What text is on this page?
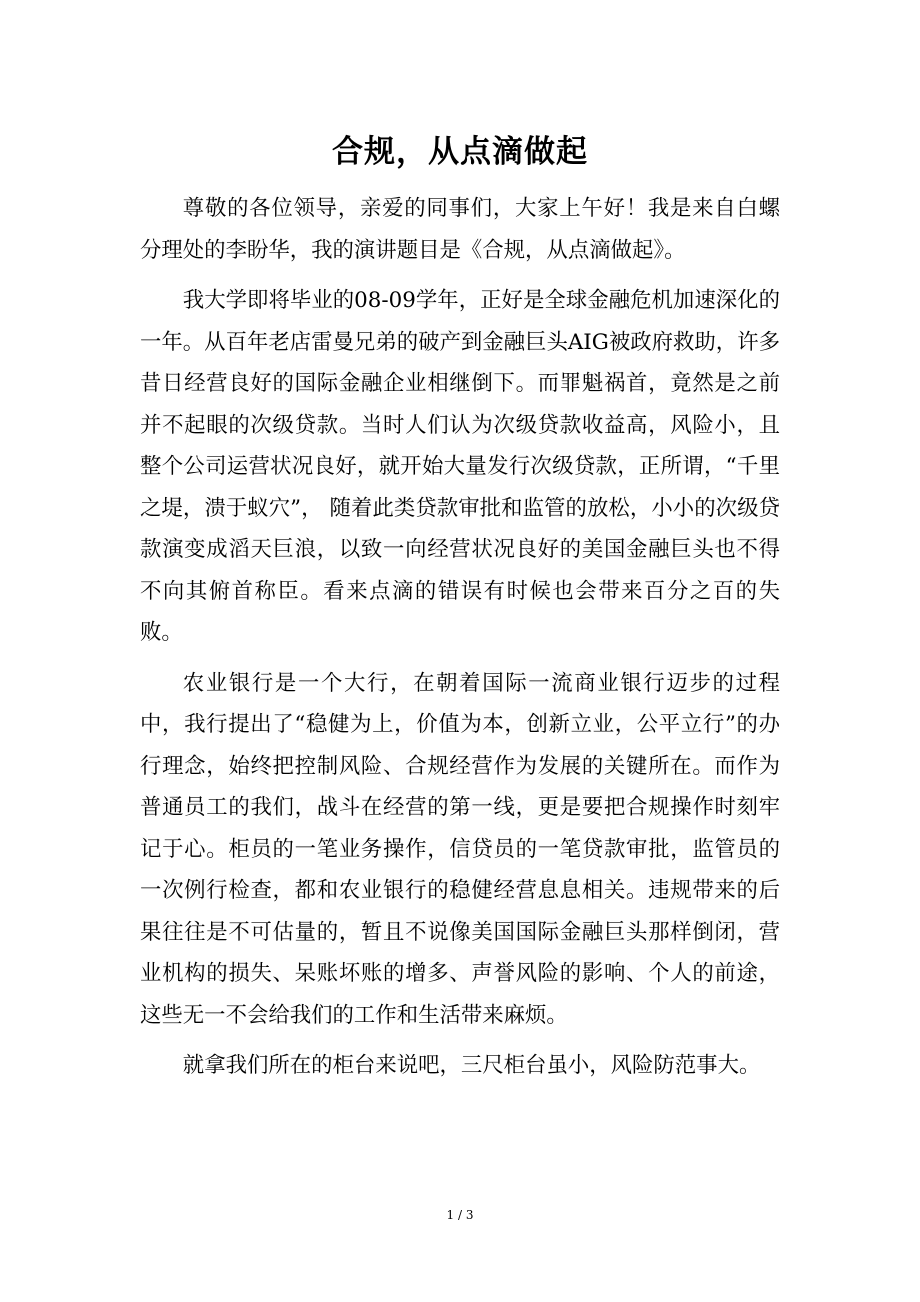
合规，从点滴做起

尊敬的各位领导，亲爱的同事们，大家上午好！我是来自白螺分理处的李盼华，我的演讲题目是《合规，从点滴做起》。

我大学即将毕业的08-09学年，正好是全球金融危机加速深化的一年。从百年老店雷曼兄弟的破产到金融巨头AIG被政府救助，许多昔日经营良好的国际金融企业相继倒下。而罪魁祸首，竟然是之前并不起眼的次级贷款。当时人们认为次级贷款收益高，风险小，且整个公司运营状况良好，就开始大量发行次级贷款，正所谓，“千里之堤，溃于蚁穴”， 随着此类贷款审批和监管的放松，小小的次级贷款演变成滔天巨浪，以致一向经营状况良好的美国金融巨头也不得不向其俯首称臣。看来点滴的错误有时候也会带来百分之百的失败。

农业银行是一个大行，在朝着国际一流商业银行迈步的过程中，我行提出了“稳健为上，价值为本，创新立业，公平立行”的办行理念，始终把控制风险、合规经营作为发展的关键所在。而作为普通员工的我们，战斗在经营的第一线，更是要把合规操作时刻牢记于心。柜员的一笔业务操作，信贷员的一笔贷款审批，监管员的一次例行检查，都和农业银行的稳健经营息息相关。违规带来的后果往往是不可估量的，暂且不说像美国国际金融巨头那样倒闭，营业机构的损失、呆账坏账的增多、声誉风险的影响、个人的前途，这些无一不会给我们的工作和生活带来麻烦。

就拿我们所在的柜台来说吧，三尺柜台虽小，风险防范事大。

1 / 3
